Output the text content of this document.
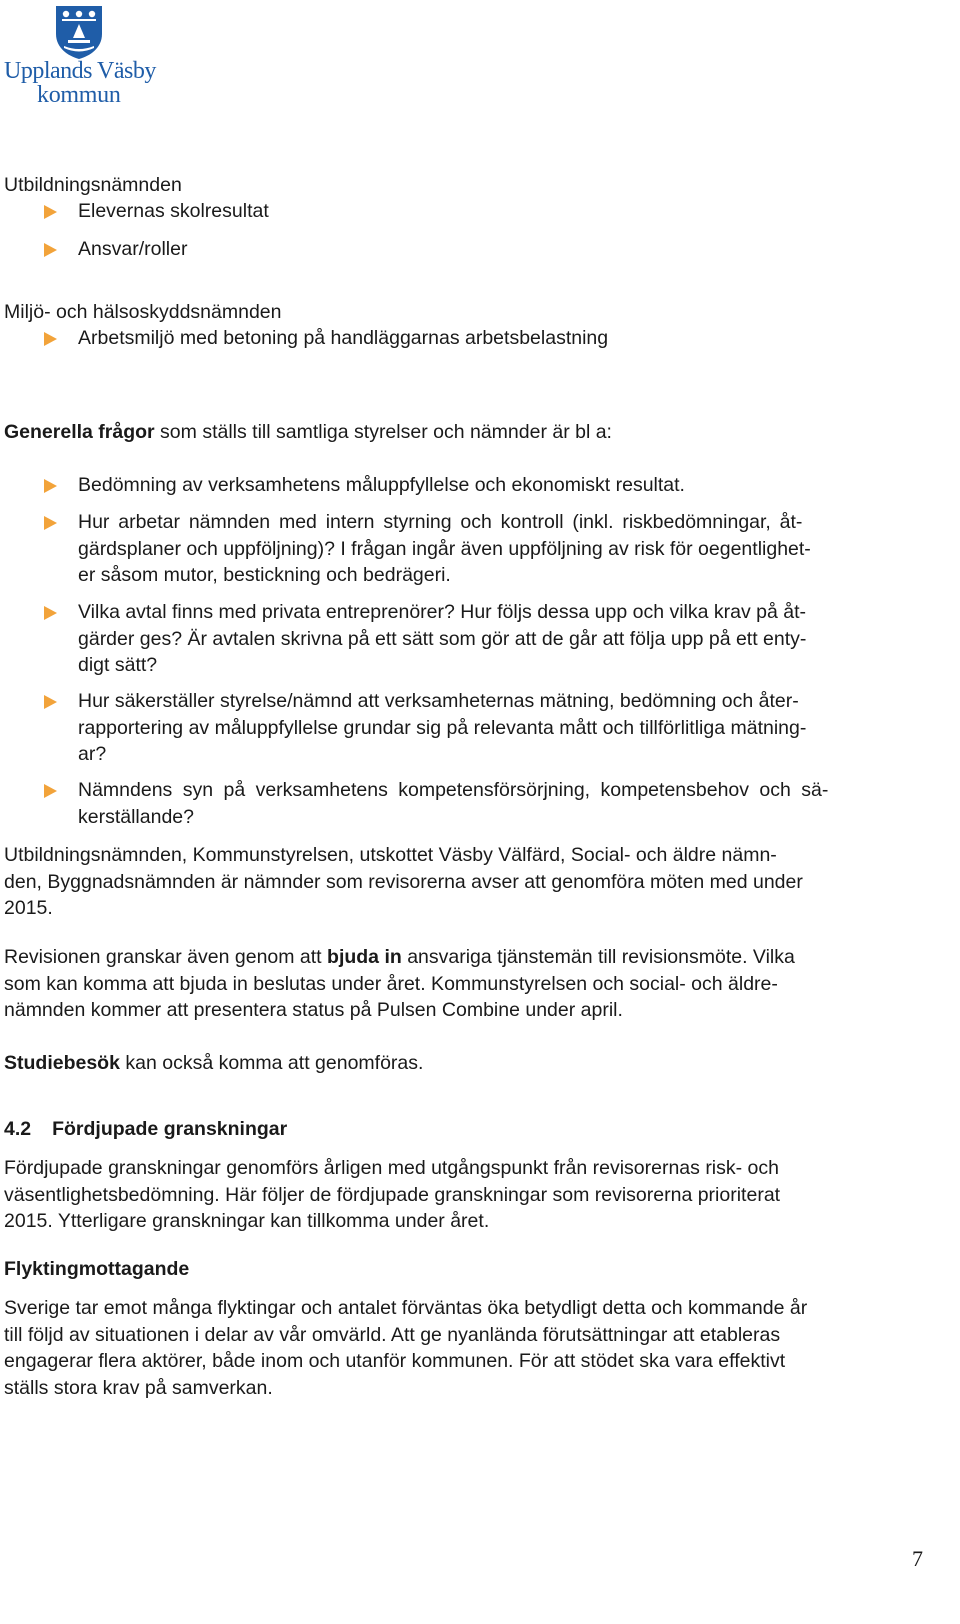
Upplands Väsby
kommun
Utbildningsnämnden
Elevernas skolresultat
Ansvar/roller
Miljö- och hälsoskyddsnämnden
Arbetsmiljö med betoning på handläggarnas arbetsbelastning
Generella frågor som ställs till samtliga styrelser och nämnder är bl a:
Bedömning av verksamhetens måluppfyllelse och ekonomiskt resultat.
Hur arbetar nämnden med intern styrning och kontroll (inkl. riskbedömningar, åt-
gärdsplaner och uppföljning)? I frågan ingår även uppföljning av risk för oegentlighet-
er såsom mutor, bestickning och bedrägeri.
Vilka avtal finns med privata entreprenörer? Hur följs dessa upp och vilka krav på åt-
gärder ges? Är avtalen skrivna på ett sätt som gör att de går att följa upp på ett enty-
digt sätt?
Hur säkerställer styrelse/nämnd att verksamheternas mätning, bedömning och åter-
rapportering av måluppfyllelse grundar sig på relevanta mått och tillförlitliga mätning-
ar?
Nämndens syn på verksamhetens kompetensförsörjning, kompetensbehov och sä-
kerställande?
Utbildningsnämnden, Kommunstyrelsen, utskottet Väsby Välfärd, Social- och äldre nämn-
den, Byggnadsnämnden är nämnder som revisorerna avser att genomföra möten med under
2015.
Revisionen granskar även genom att bjuda in ansvariga tjänstemän till revisionsmöte. Vilka
som kan komma att bjuda in beslutas under året. Kommunstyrelsen och social- och äldre-
nämnden kommer att presentera status på Pulsen Combine under april.
Studiebesök kan också komma att genomföras.
4.2 Fördjupade granskningar
Fördjupade granskningar genomförs årligen med utgångspunkt från revisorernas risk- och
väsentlighetsbedömning. Här följer de fördjupade granskningar som revisorerna prioriterat
2015. Ytterligare granskningar kan tillkomma under året.
Flyktingmottagande
Sverige tar emot många flyktingar och antalet förväntas öka betydligt detta och kommande år
till följd av situationen i delar av vår omvärld. Att ge nyanlända förutsättningar att etableras
engagerar flera aktörer, både inom och utanför kommunen. För att stödet ska vara effektivt
ställs stora krav på samverkan.
7
